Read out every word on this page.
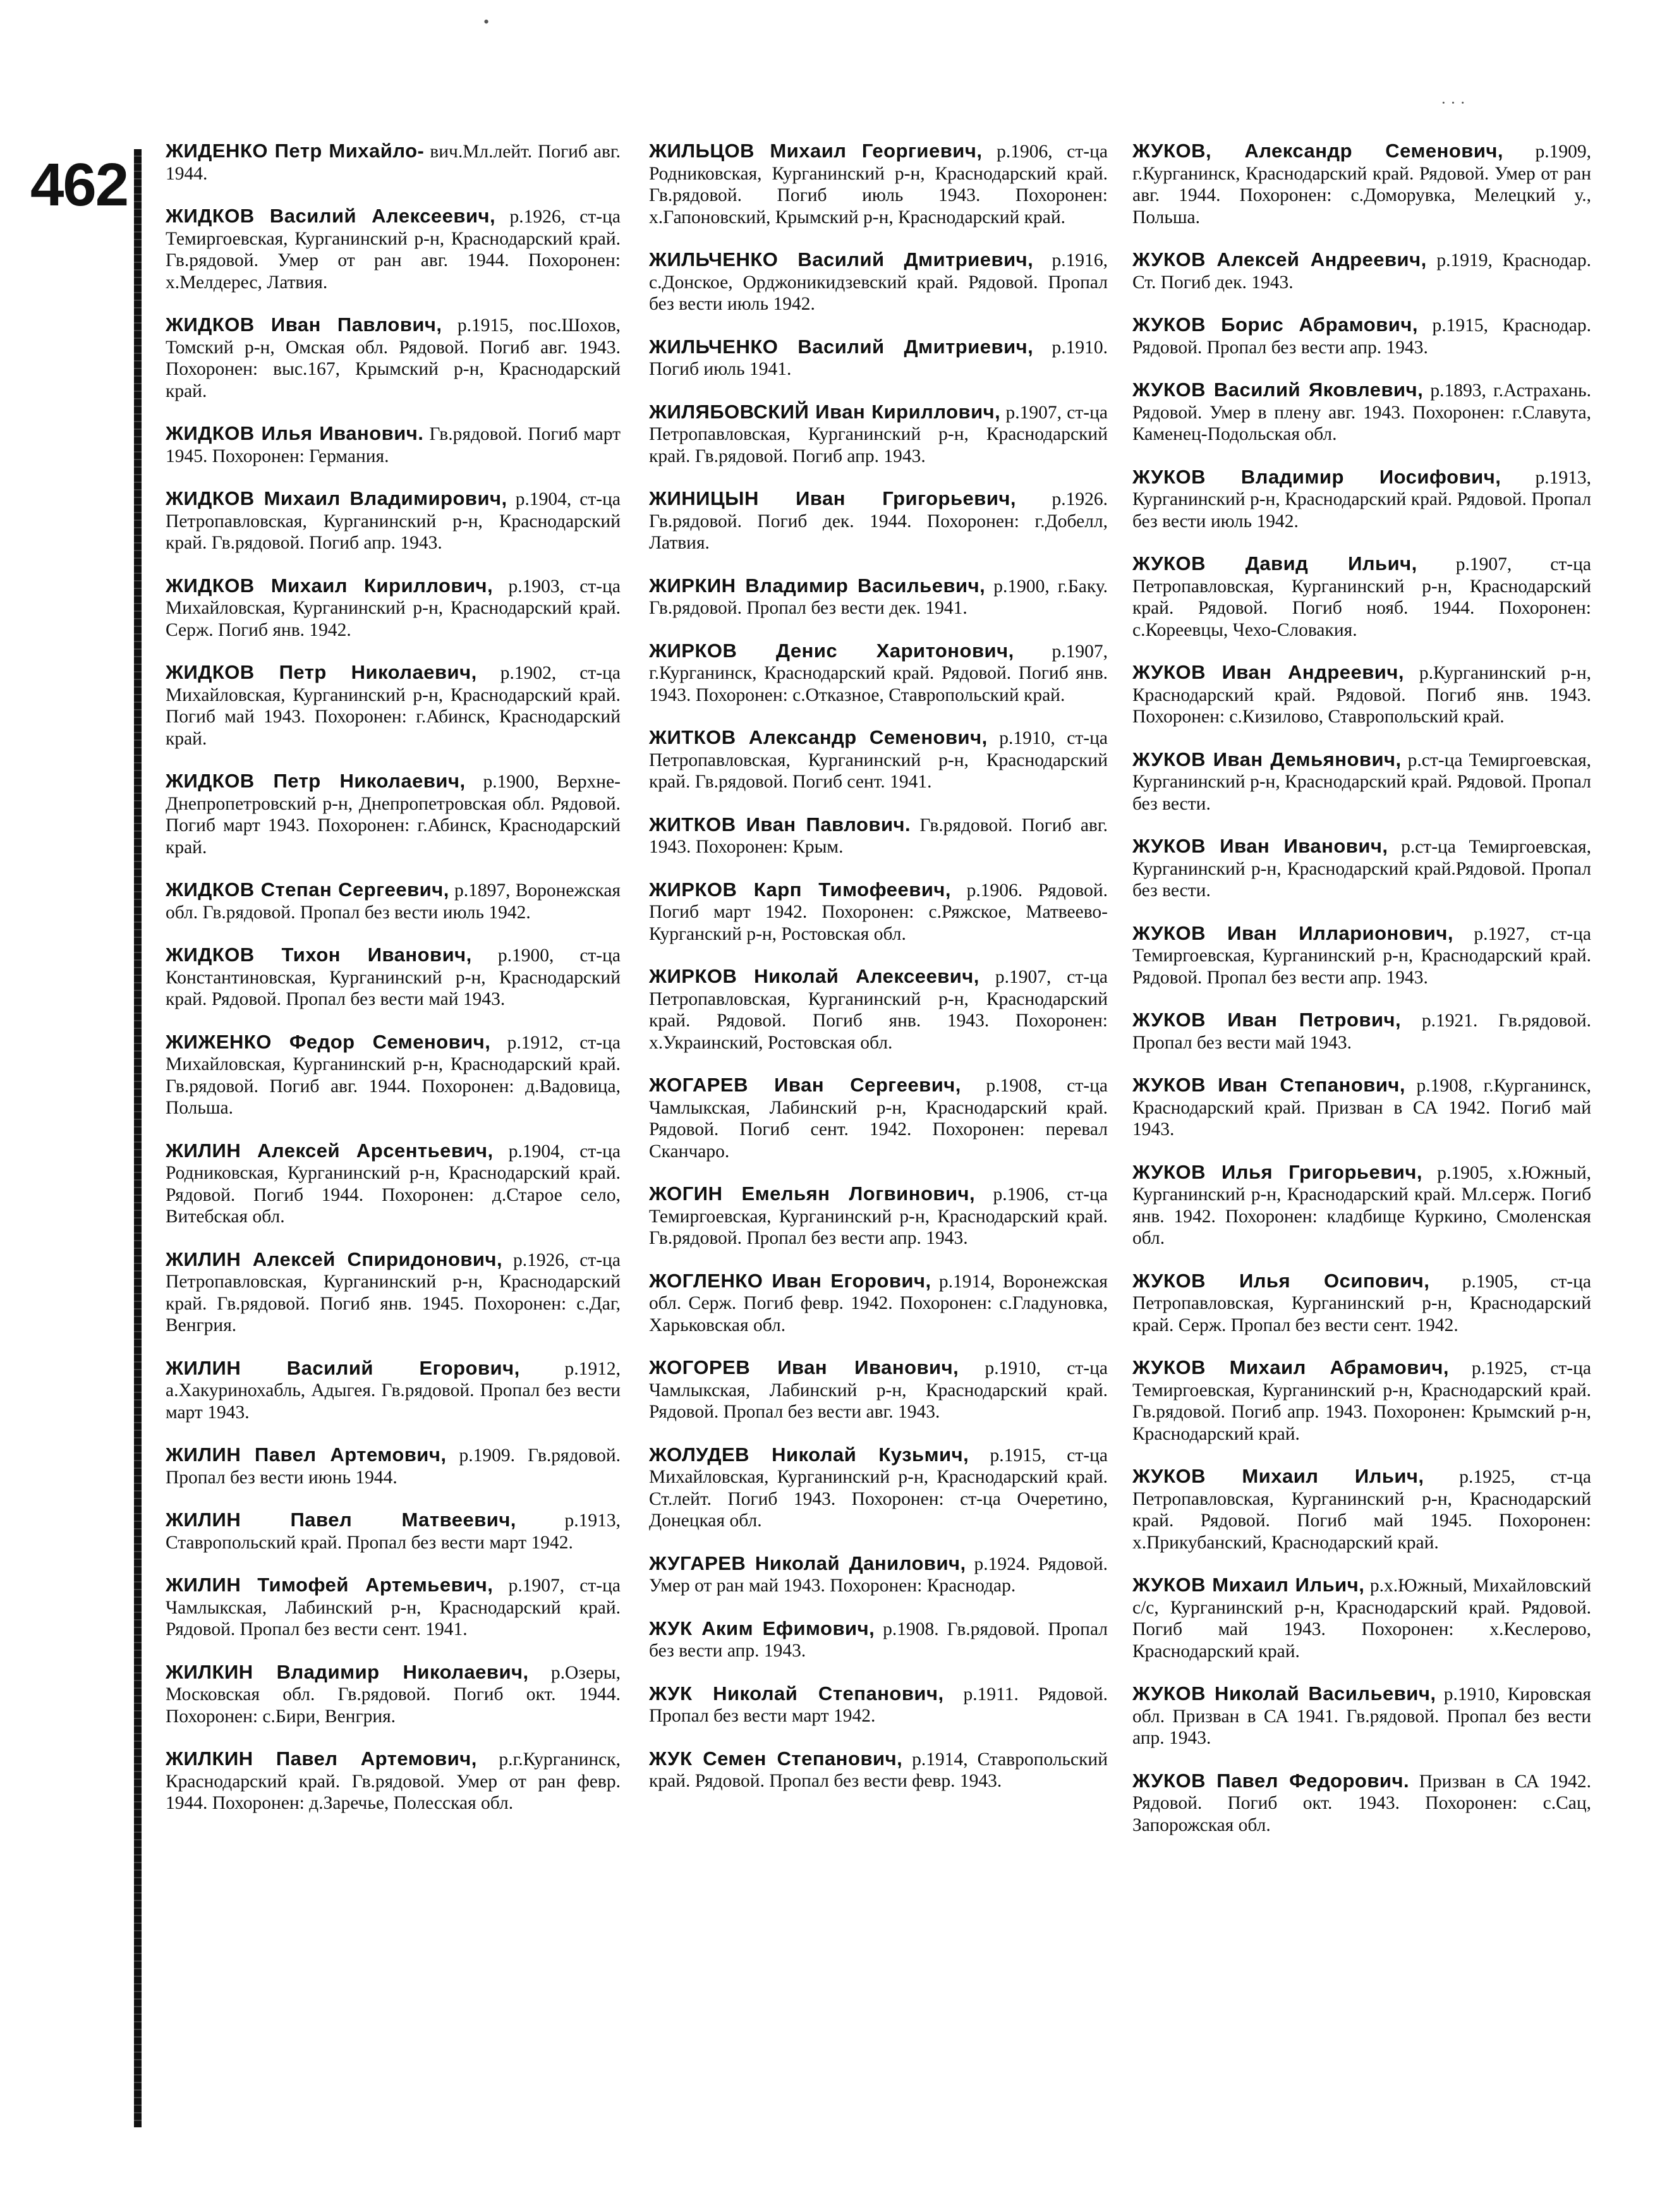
462
•
· · ·
ЖИДЕНКО Петр Михайло- вич.Мл.лейт. Погиб авг. 1944.
ЖИДКОВ Василий Алексеевич, р.1926, ст-ца Темиргоевская, Курганинский р-н, Краснодарский край. Гв.рядовой. Умер от ран авг. 1944. Похоронен: х.Мелдерес, Латвия.
ЖИДКОВ Иван Павлович, р.1915, пос.Шохов, Томский р-н, Омская обл. Рядовой. Погиб авг. 1943. Похоронен: выс.167, Крымский р-н, Краснодарский край.
ЖИДКОВ Илья Иванович. Гв.рядовой. Погиб март 1945. Похоронен: Германия.
ЖИДКОВ Михаил Владимирович, р.1904, ст-ца Петропавловская, Курганинский р-н, Краснодарский край. Гв.рядовой. Погиб апр. 1943.
ЖИДКОВ Михаил Кириллович, р.1903, ст-ца Михайловская, Курганинский р-н, Краснодарский край. Серж. Погиб янв. 1942.
ЖИДКОВ Петр Николаевич, р.1902, ст-ца Михайловская, Курганинский р-н, Краснодарский край. Погиб май 1943. Похоронен: г.Абинск, Краснодарский край.
ЖИДКОВ Петр Николаевич, р.1900, Верхне-Днепропетровский р-н, Днепропетровская обл. Рядовой. Погиб март 1943. Похоронен: г.Абинск, Краснодарский край.
ЖИДКОВ Степан Сергеевич, р.1897, Воронежская обл. Гв.рядовой. Пропал без вести июль 1942.
ЖИДКОВ Тихон Иванович, р.1900, ст-ца Константиновская, Курганинский р-н, Краснодарский край. Рядовой. Пропал без вести май 1943.
ЖИЖЕНКО Федор Семенович, р.1912, ст-ца Михайловская, Курганинский р-н, Краснодарский край. Гв.рядовой. Погиб авг. 1944. Похоронен: д.Вадовица, Польша.
ЖИЛИН Алексей Арсентьевич, р.1904, ст-ца Родниковская, Курганинский р-н, Краснодарский край. Рядовой. Погиб 1944. Похоронен: д.Старое село, Витебская обл.
ЖИЛИН Алексей Спиридонович, р.1926, ст-ца Петропавловская, Курганинский р-н, Краснодарский край. Гв.рядовой. Погиб янв. 1945. Похоронен: с.Даг, Венгрия.
ЖИЛИН Василий Егорович, р.1912, а.Хакуринохабль, Адыгея. Гв.рядовой. Пропал без вести март 1943.
ЖИЛИН Павел Артемович, р.1909. Гв.рядовой. Пропал без вести июнь 1944.
ЖИЛИН Павел Матвеевич,	р.1913, Ставропольский край. Пропал без вести март 1942.
ЖИЛИН Тимофей Артемьевич, р.1907, ст-ца Чамлыкская, Лабинский р-н, Краснодарский край. Рядовой. Пропал без вести сент. 1941.
ЖИЛКИН Владимир Николаевич, р.Озеры, Московская обл. Гв.рядовой. Погиб окт. 1944. Похоронен: с.Бири, Венгрия.
ЖИЛКИН Павел Артемович, р.г.Курганинск, Краснодарский край. Гв.рядовой. Умер от ран февр. 1944. Похоронен: д.Заречье, Полесская обл.
ЖИЛЬЦОВ Михаил Георгиевич, р.1906, ст-ца Родниковская, Курганинский р-н, Краснодарский край. Гв.рядовой. Погиб июль 1943. Похоронен: х.Гапоновский, Крымский р-н, Краснодарский край.
ЖИЛЬЧЕНКО Василий Дмитриевич, р.1916, с.Донское, Орджоникидзевский край. Рядовой. Пропал без вести июль 1942.
ЖИЛЬЧЕНКО Василий Дмитриевич, р.1910. Погиб июль 1941.
ЖИЛЯБОВСКИЙ Иван Кириллович, р.1907, ст-ца Петропавловская, Курганинский р-н, Краснодарский край. Гв.рядовой. Погиб апр. 1943.
ЖИНИЦЫН Иван Григорьевич, р.1926. Гв.рядовой. Погиб дек. 1944. Похоронен: г.Добелл, Латвия.
ЖИРКИН Владимир Васильевич, р.1900, г.Баку. Гв.рядовой. Пропал без вести дек. 1941.
ЖИРКОВ Денис Харитонович, р.1907, г.Курганинск, Краснодарский край. Рядовой. Погиб янв. 1943. Похоронен: с.Отказное, Ставропольский край.
ЖИТКОВ Александр Семенович, р.1910, ст-ца Петропавловская, Курганинский р-н, Краснодарский край. Гв.рядовой. Погиб сент. 1941.
ЖИТКОВ Иван Павлович. Гв.рядовой. Погиб авг. 1943. Похоронен: Крым.
ЖИРКОВ Карп Тимофеевич, р.1906. Рядовой. Погиб март 1942. Похоронен: с.Ряжское, Матвеево-Курганский р-н, Ростовская обл.
ЖИРКОВ Николай Алексеевич, р.1907, ст-ца Петропавловская, Курганинский р-н, Краснодарский край. Рядовой. Погиб янв. 1943. Похоронен: х.Украинский, Ростовская обл.
ЖОГАРЕВ Иван Сергеевич, р.1908, ст-ца Чамлыкская, Лабинский р-н, Краснодарский край. Рядовой. Погиб сент. 1942. Похоронен: перевал Сканчаро.
ЖОГИН Емельян Логвинович, р.1906, ст-ца Темиргоевская, Курганинский р-н, Краснодарский край. Гв.рядовой. Пропал без вести апр. 1943.
ЖОГЛЕНКО Иван Егорович, р.1914, Воронежская обл. Серж. Погиб февр. 1942. Похоронен: с.Гладуновка, Харьковская обл.
ЖОГОРЕВ Иван Иванович, р.1910, ст-ца Чамлыкская, Лабинский р-н, Краснодарский край. Рядовой. Пропал без вести авг. 1943.
ЖОЛУДЕВ Николай Кузьмич, р.1915, ст-ца Михайловская, Курганинский р-н, Краснодарский край. Ст.лейт. Погиб 1943. Похоронен: ст-ца Очеретино, Донецкая обл.
ЖУГАРЕВ Николай Данилович, р.1924. Рядовой. Умер от ран май 1943. Похоронен: Краснодар.
ЖУК Аким Ефимович, р.1908. Гв.рядовой. Пропал без вести апр. 1943.
ЖУК Николай Степанович, р.1911. Рядовой. Пропал без вести март 1942.
ЖУК Семен Степанович, р.1914, Ставропольский край. Рядовой. Пропал без вести февр. 1943.
ЖУКОВ, Александр Семенович, р.1909, г.Курганинск, Краснодарский край. Рядовой. Умер от ран авг. 1944. Похоронен: с.Доморувка, Мелецкий у., Польша.
ЖУКОВ Алексей Андреевич, р.1919, Краснодар. Ст. Погиб дек. 1943.
ЖУКОВ Борис Абрамович, р.1915, Краснодар. Рядовой. Пропал без вести апр. 1943.
ЖУКОВ Василий Яковлевич, р.1893, г.Астрахань. Рядовой. Умер в плену авг. 1943. Похоронен: г.Славута, Каменец-Подольская обл.
ЖУКОВ Владимир Иосифович, р.1913, Курганинский р-н, Краснодарский край. Рядовой. Пропал без вести июль 1942.
ЖУКОВ Давид Ильич, р.1907, ст-ца Петропавловская, Курганинский р-н, Краснодарский край. Рядовой. Погиб нояб. 1944. Похоронен: с.Кореевцы, Чехо-Словакия.
ЖУКОВ Иван Андреевич, р.Курганинский р-н, Краснодарский край. Рядовой. Погиб янв. 1943. Похоронен: с.Кизилово, Ставропольский край.
ЖУКОВ Иван Демьянович, р.ст-ца Темиргоевская, Курганинский р-н, Краснодарский край. Рядовой. Пропал без вести.
ЖУКОВ Иван Иванович, р.ст-ца Темиргоевская, Курганинский р-н, Краснодарский край.Рядовой. Пропал без вести.
ЖУКОВ Иван Илларионович, р.1927, ст-ца Темиргоевская, Курганинский р-н, Краснодарский край. Рядовой. Пропал без вести апр. 1943.
ЖУКОВ Иван Петрович, р.1921. Гв.рядовой. Пропал без вести май 1943.
ЖУКОВ Иван Степанович, р.1908, г.Курганинск, Краснодарский край. Призван в СА 1942. Погиб май 1943.
ЖУКОВ Илья Григорьевич, р.1905, х.Южный, Курганинский р-н, Краснодарский край. Мл.серж. Погиб янв. 1942. Похоронен: кладбище Куркино, Смоленская обл.
ЖУКОВ Илья Осипович, р.1905, ст-ца Петропавловская, Курганинский р-н, Краснодарский край. Серж. Пропал без вести сент. 1942.
ЖУКОВ Михаил Абрамович, р.1925, ст-ца Темиргоевская, Курганинский р-н, Краснодарский край. Гв.рядовой. Погиб апр. 1943. Похоронен: Крымский р-н, Краснодарский край.
ЖУКОВ Михаил Ильич, р.1925, ст-ца Петропавловская, Курганинский р-н, Краснодарский край. Рядовой. Погиб май 1945. Похоронен: х.Прикубанский, Краснодарский край.
ЖУКОВ Михаил Ильич, р.х.Южный, Михайловский с/с, Курганинский р-н, Краснодарский край. Рядовой. Погиб май 1943. Похоронен: х.Кеслерово, Краснодарский край.
ЖУКОВ Николай Васильевич, р.1910, Кировская обл. Призван в СА 1941. Гв.рядовой. Пропал без вести апр. 1943.
ЖУКОВ Павел Федорович. Призван в СА 1942. Рядовой. Погиб окт. 1943. Похоронен: с.Сац, Запорожская обл.
